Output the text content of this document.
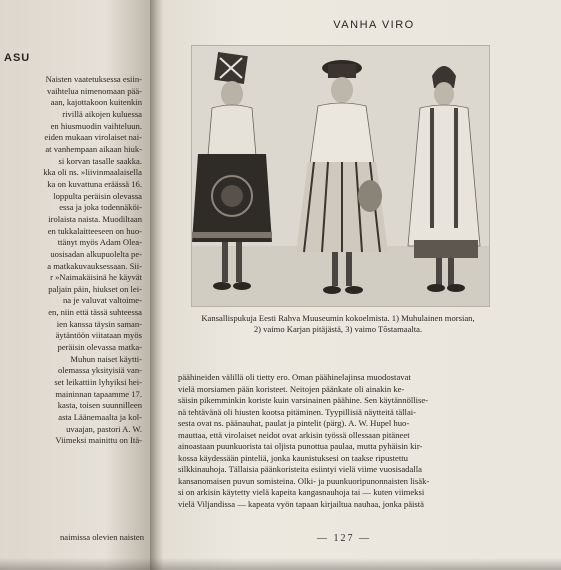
ASU
Naisten vaatetuksessa esiin-
vaihtelua nimenomaan pää-
aan, kajottakoon kuitenkin
rivillä aikojen kuluessa
en hiusmuodin vaihteluun.
eiden mukaan virolaiset nai-
at vanhempaan aikaan hiuk-
si korvan tasalle saakka.
kka oli ns. »liivinmaalaisella
ka on kuvattuna eräässä 16.
loppulta peräisin olevassa
essa ja joka todennäköi-
irolaista naista. Muodiltaan
en tukkalaitteeseen on huo-
ttänyt myös Adam Olea-
uosisadan alkupuolelta pe-
a matkakuvauksessaan. Sii-
r »Naimakäisinä he käyvät
paljain päin, hiukset on lei-
na je valuvat valtoime-
en, niin että tässä suhteessa
ien kanssa täysin saman-
äytäntöön viitataan myös
peräisin olevassa matka-
Muhun naiset käytti-
olemassa yksityisiä van-
set leikattiin lyhyiksi hei-
maininnan tapaamme 17.
kasta, toisen suunnilleen
asta Läänemaalta ja kol-
uvaajan, pastori A. W.
Viimeksi mainittu on Itä-
naimissa olevien naisten
VANHA VIRO
Kansallispukuja Eesti Rahva Muuseumin kokoelmista. 1) Muhulainen morsian,
2) vaimo Karjan pitäjästä, 3) vaimo Tõstamaalta.
päähineiden välillä oli tietty ero. Oman päähinelajinsa muodostavat
vielä morsiamen pään koristeet. Neitojen päänkate oli ainakin ke-
säisin pikemminkin koriste kuin varsinainen päähine. Sen käytännöllise-
nä tehtävänä oli hiusten kootsa pitäminen. Tyypillisiä näytteitä tällai-
sesta ovat ns. päänauhat, paulat ja pintelit (pärg). A. W. Hupel huo-
mauttaa, että virolaiset neidot ovat arkisin työssä ollessaan pitäneet
ainoastaan puunkuorista tai oljista punottua paulaa, mutta pyhäisin kir-
kossa käydessään pinteliä, jonka kaunistuksesi on taakse ripustettu
silkkinauhoja. Tällaisia päänkoristeita esiintyi vielä viime vuosisadalla
kansanomaisen puvun somisteina. Olki- ja puunkuoripunonnaisten lisäk-
si on arkisin käytetty vielä kapeita kangasnauhoja tai — kuten viimeksi
vielä Viljandissa — kapeata vyön tapaan kirjailtua nauhaa, jonka päistä
— 127 —
